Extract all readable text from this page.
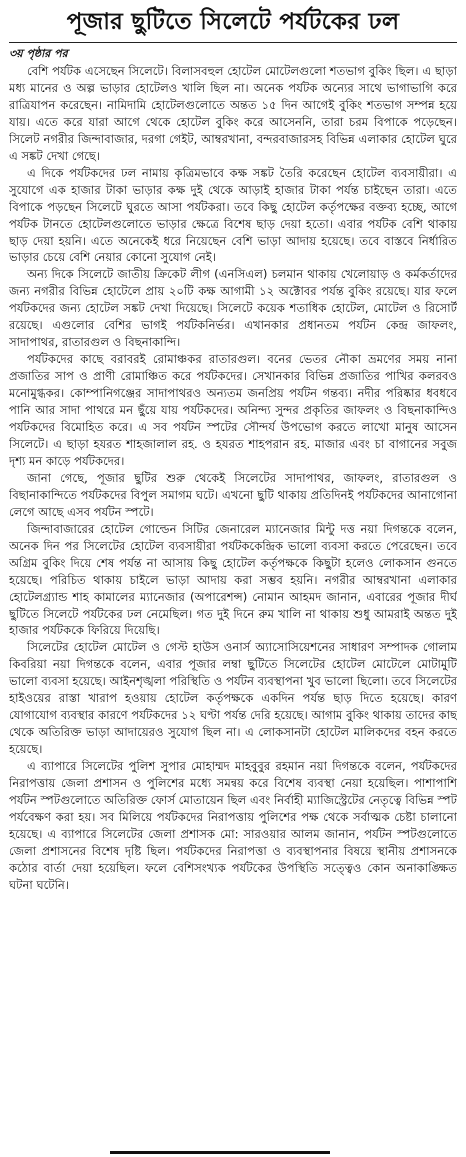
পূজার ছুটিতে সিলেটে পর্যটকের ঢল
৩য় পৃষ্ঠার পর

বেশি পর্যটক এসেছেন সিলেটে। বিলাসবহুল হোটেল মোটেলগুলো শতভাগ বুকিং ছিল। এ ছাড়া মধ্য মানের ও অল্প ভাড়ার হোটেলও খালি ছিল না। অনেক পর্যটক অন্যের সাথে ভাগাভাগি করে রাত্রিযাপন করেছেন। নামিদামি হোটেলগুলোতে অন্তত ১৫ দিন আগেই বুকিং শতভাগ সম্পন্ন হয়ে যায়। এতে করে যারা আগে থেকে হোটেল বুকিং করে আসেননি, তারা চরম বিপাকে পড়েছেন। সিলেট নগরীর জিন্দাবাজার, দরগা গেইট, আম্বরখানা, বন্দরবাজারসহ বিভিন্ন এলাকার হোটেল ঘুরে এ সঙ্কট দেখা গেছে।

এ দিকে পর্যটকদের ঢল নামায় কৃত্রিমভাবে কক্ষ সঙ্কট তৈরি করেছেন হোটেল ব্যবসায়ীরা। এ সুযোগে এক হাজার টাকা ভাড়ার কক্ষ দুই থেকে আড়াই হাজার টাকা পর্যন্ত চাইছেন তারা। এতে বিপাকে পড়ছেন সিলেটে ঘুরতে আসা পর্যটকরা। তবে কিছু হোটেল কর্তৃপক্ষের বক্তব্য হচ্ছে, আগে পর্যটক টানতে হোটেলগুলোতে ভাড়ার ক্ষেত্রে বিশেষ ছাড় দেয়া হতো। এবার পর্যটক বেশি থাকায় ছাড় দেয়া হয়নি। এতে অনেকেই ধরে নিয়েছেন বেশি ভাড়া আদায় হয়েছে। তবে বাস্তবে নির্ধারিত ভাড়ার চেয়ে বেশি নেয়ার কোনো সুযোগ নেই।

অন্য দিকে সিলেটে জাতীয় ক্রিকেট লীগ (এনসিএল) চলমান থাকায় খেলোয়াড় ও কর্মকর্তাদের জন্য নগরীর বিভিন্ন হোটেলে প্রায় ২০টি কক্ষ আগামী ১২ অক্টোবর পর্যন্ত বুকিং রয়েছে। যার ফলে পর্যটকদের জন্য হোটেল সঙ্কট দেখা দিয়েছে। সিলেটে কয়েক শতাধিক হোটেল, মোটেল ও রিসোর্ট রয়েছে। এগুলোর বেশির ভাগই পর্যটকনির্ভর। এখানকার প্রধানতম পর্যটন কেন্দ্র জাফলং, সাদাপাথর, রাতারগুল ও বিছনাকান্দি।

পর্যটকদের কাছে বরাবরই রোমাঞ্চকর রাতারগুল। বনের ভেতর নৌকা ভ্রমণের সময় নানা প্রজাতির সাপ ও প্রাণী রোমাঞ্চিত করে পর্যটকদের। সেখানকার বিভিন্ন প্রজাতির পাখির কলরবও মনোমুগ্ধকর। কোম্পানিগঞ্জের সাদাপাথরও অন্যতম জনপ্রিয় পর্যটন গন্তব্য। নদীর পরিষ্কার ধবধবে পানি আর সাদা পাথরে মন ছুঁয়ে যায় পর্যটকদের। অনিন্দ্য সুন্দর প্রকৃতির জাফলং ও বিছনাকান্দিও পর্যটকদের বিমোহিত করে। এ সব পর্যটন স্পটের সৌন্দর্য উপভোগ করতে লাখো মানুষ আসেন সিলেটে। এ ছাড়া হযরত শাহজালাল রহ. ও হযরত শাহপরান রহ. মাজার এবং চা বাগানের সবুজ দৃশ্য মন কাড়ে পর্যটকদের।

জানা গেছে, পূজার ছুটির শুরু থেকেই সিলেটের সাদাপাথর, জাফলং, রাতারগুল ও বিছানাকান্দিতে পর্যটকদের বিপুল সমাগম ঘটে। এখনো ছুটি থাকায় প্রতিদিনই পর্যটকদের আনাগোনা লেগে আছে এসব পর্যটন স্পটে।

জিন্দাবাজারের হোটেল গোল্ডেন সিটির জেনারেল ম্যানেজার মিন্টু দত্ত নয়া দিগন্তকে বলেন, অনেক দিন পর সিলেটের হোটেল ব্যবসায়ীরা পর্যটককেন্দ্রিক ভালো ব্যবসা করতে পেরেছেন। তবে অগ্রিম বুকিং দিয়ে শেষ পর্যন্ত না আসায় কিছু হোটেল কর্তৃপক্ষকে কিছুটা হলেও লোকসান গুনতে হয়েছে। পরিচিত থাকায় চাইলে ভাড়া আদায় করা সম্ভব হয়নি। নগরীর আম্বরখানা এলাকার হোটেলগ্র্যান্ড শাহ কামালের ম্যানেজার (অপারেশন্স) নোমান আহমদ জানান, এবারের পূজার দীর্ঘ ছুটিতে সিলেটে পর্যটকের ঢল নেমেছিল। গত দুই দিনে রুম খালি না থাকায় শুধু আমরাই অন্তত দুই হাজার পর্যটককে ফিরিয়ে দিয়েছি।

সিলেটের হোটেল মোটেল ও গেস্ট হাউস ওনার্স অ্যাসোসিয়েশনের সাধারণ সম্পাদক গোলাম কিবরিয়া নয়া দিগন্তকে বলেন, এবার পূজার লম্বা ছুটিতে সিলেটের হোটেল মোটেলে মোটামুটি ভালো ব্যবসা হয়েছে। আইনশৃঙ্খলা পরিস্থিতি ও পর্যটন ব্যবস্থাপনা খুব ভালো ছিলো। তবে সিলেটের হাইওয়ের রাস্তা খারাপ হওয়ায় হোটেল কর্তৃপক্ষকে একদিন পর্যন্ত ছাড় দিতে হয়েছে। কারণ যোগাযোগ ব্যবস্থার কারণে পর্যটকদের ১২ ঘণ্টা পর্যন্ত দেরি হয়েছে। আগাম বুকিং থাকায় তাদের কাছ থেকে অতিরিক্ত ভাড়া আদায়েরও সুযোগ ছিল না। এ লোকসানটা হোটেল মালিকদের বহন করতে হয়েছে।

এ ব্যাপারে সিলেটের পুলিশ সুপার মোহাম্মদ মাহবুবুর রহমান নয়া দিগন্তকে বলেন, পর্যটকদের নিরাপত্তায় জেলা প্রশাসন ও পুলিশের মধ্যে সমন্বয় করে বিশেষ ব্যবস্থা নেয়া হয়েছিল। পাশাপাশি পর্যটন স্পটগুলোতে অতিরিক্ত ফোর্স মোতায়েন ছিল এবং নির্বাহী ম্যাজিস্ট্রেটের নেতৃত্বে বিভিন্ন স্পট পর্যবেক্ষণ করা হয়। সব মিলিয়ে পর্যটকদের নিরাপত্তায় পুলিশের পক্ষ থেকে সর্বাত্মক চেষ্টা চালানো হয়েছে। এ ব্যাপারে সিলেটের জেলা প্রশাসক মো: সারওয়ার আলম জানান, পর্যটন স্পটগুলোতে জেলা প্রশাসনের বিশেষ দৃষ্টি ছিল। পর্যটকদের নিরাপত্তা ও ব্যবস্থাপনার বিষয়ে স্থানীয় প্রশাসনকে কঠোর বার্তা দেয়া হয়েছিল। ফলে বেশিসংখ্যক পর্যটকের উপস্থিতি সত্ত্বেও কোন অনাকাঙ্ক্ষিত ঘটনা ঘটেনি।
